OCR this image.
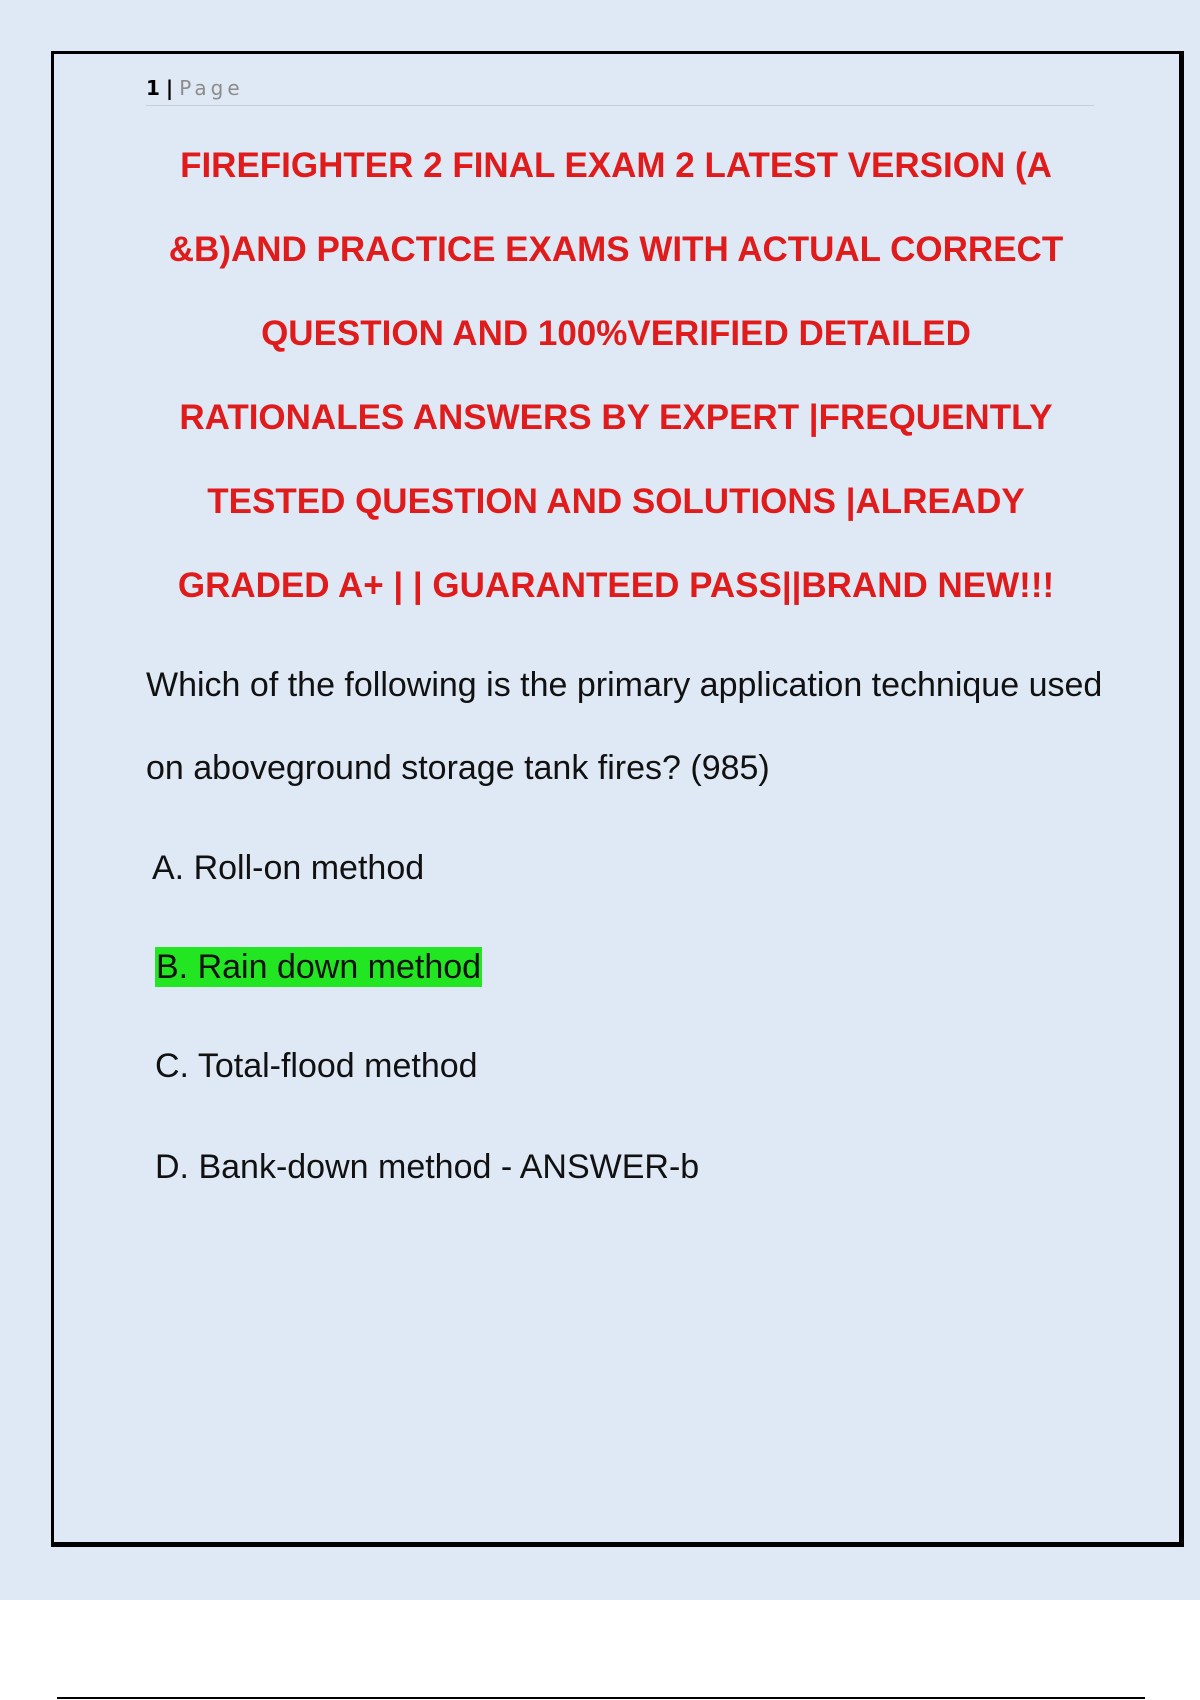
1 | Page
FIREFIGHTER 2 FINAL EXAM 2 LATEST VERSION (A
&B)AND PRACTICE EXAMS WITH ACTUAL CORRECT
QUESTION AND 100%VERIFIED DETAILED
RATIONALES ANSWERS BY EXPERT |FREQUENTLY
TESTED QUESTION AND SOLUTIONS |ALREADY
GRADED A+ | | GUARANTEED PASS||BRAND NEW!!!

Which of the following is the primary application technique used on aboveground storage tank fires? (985)

A. Roll-on method

B. Rain down method

C. Total-flood method

D. Bank-down method - ANSWER-b
